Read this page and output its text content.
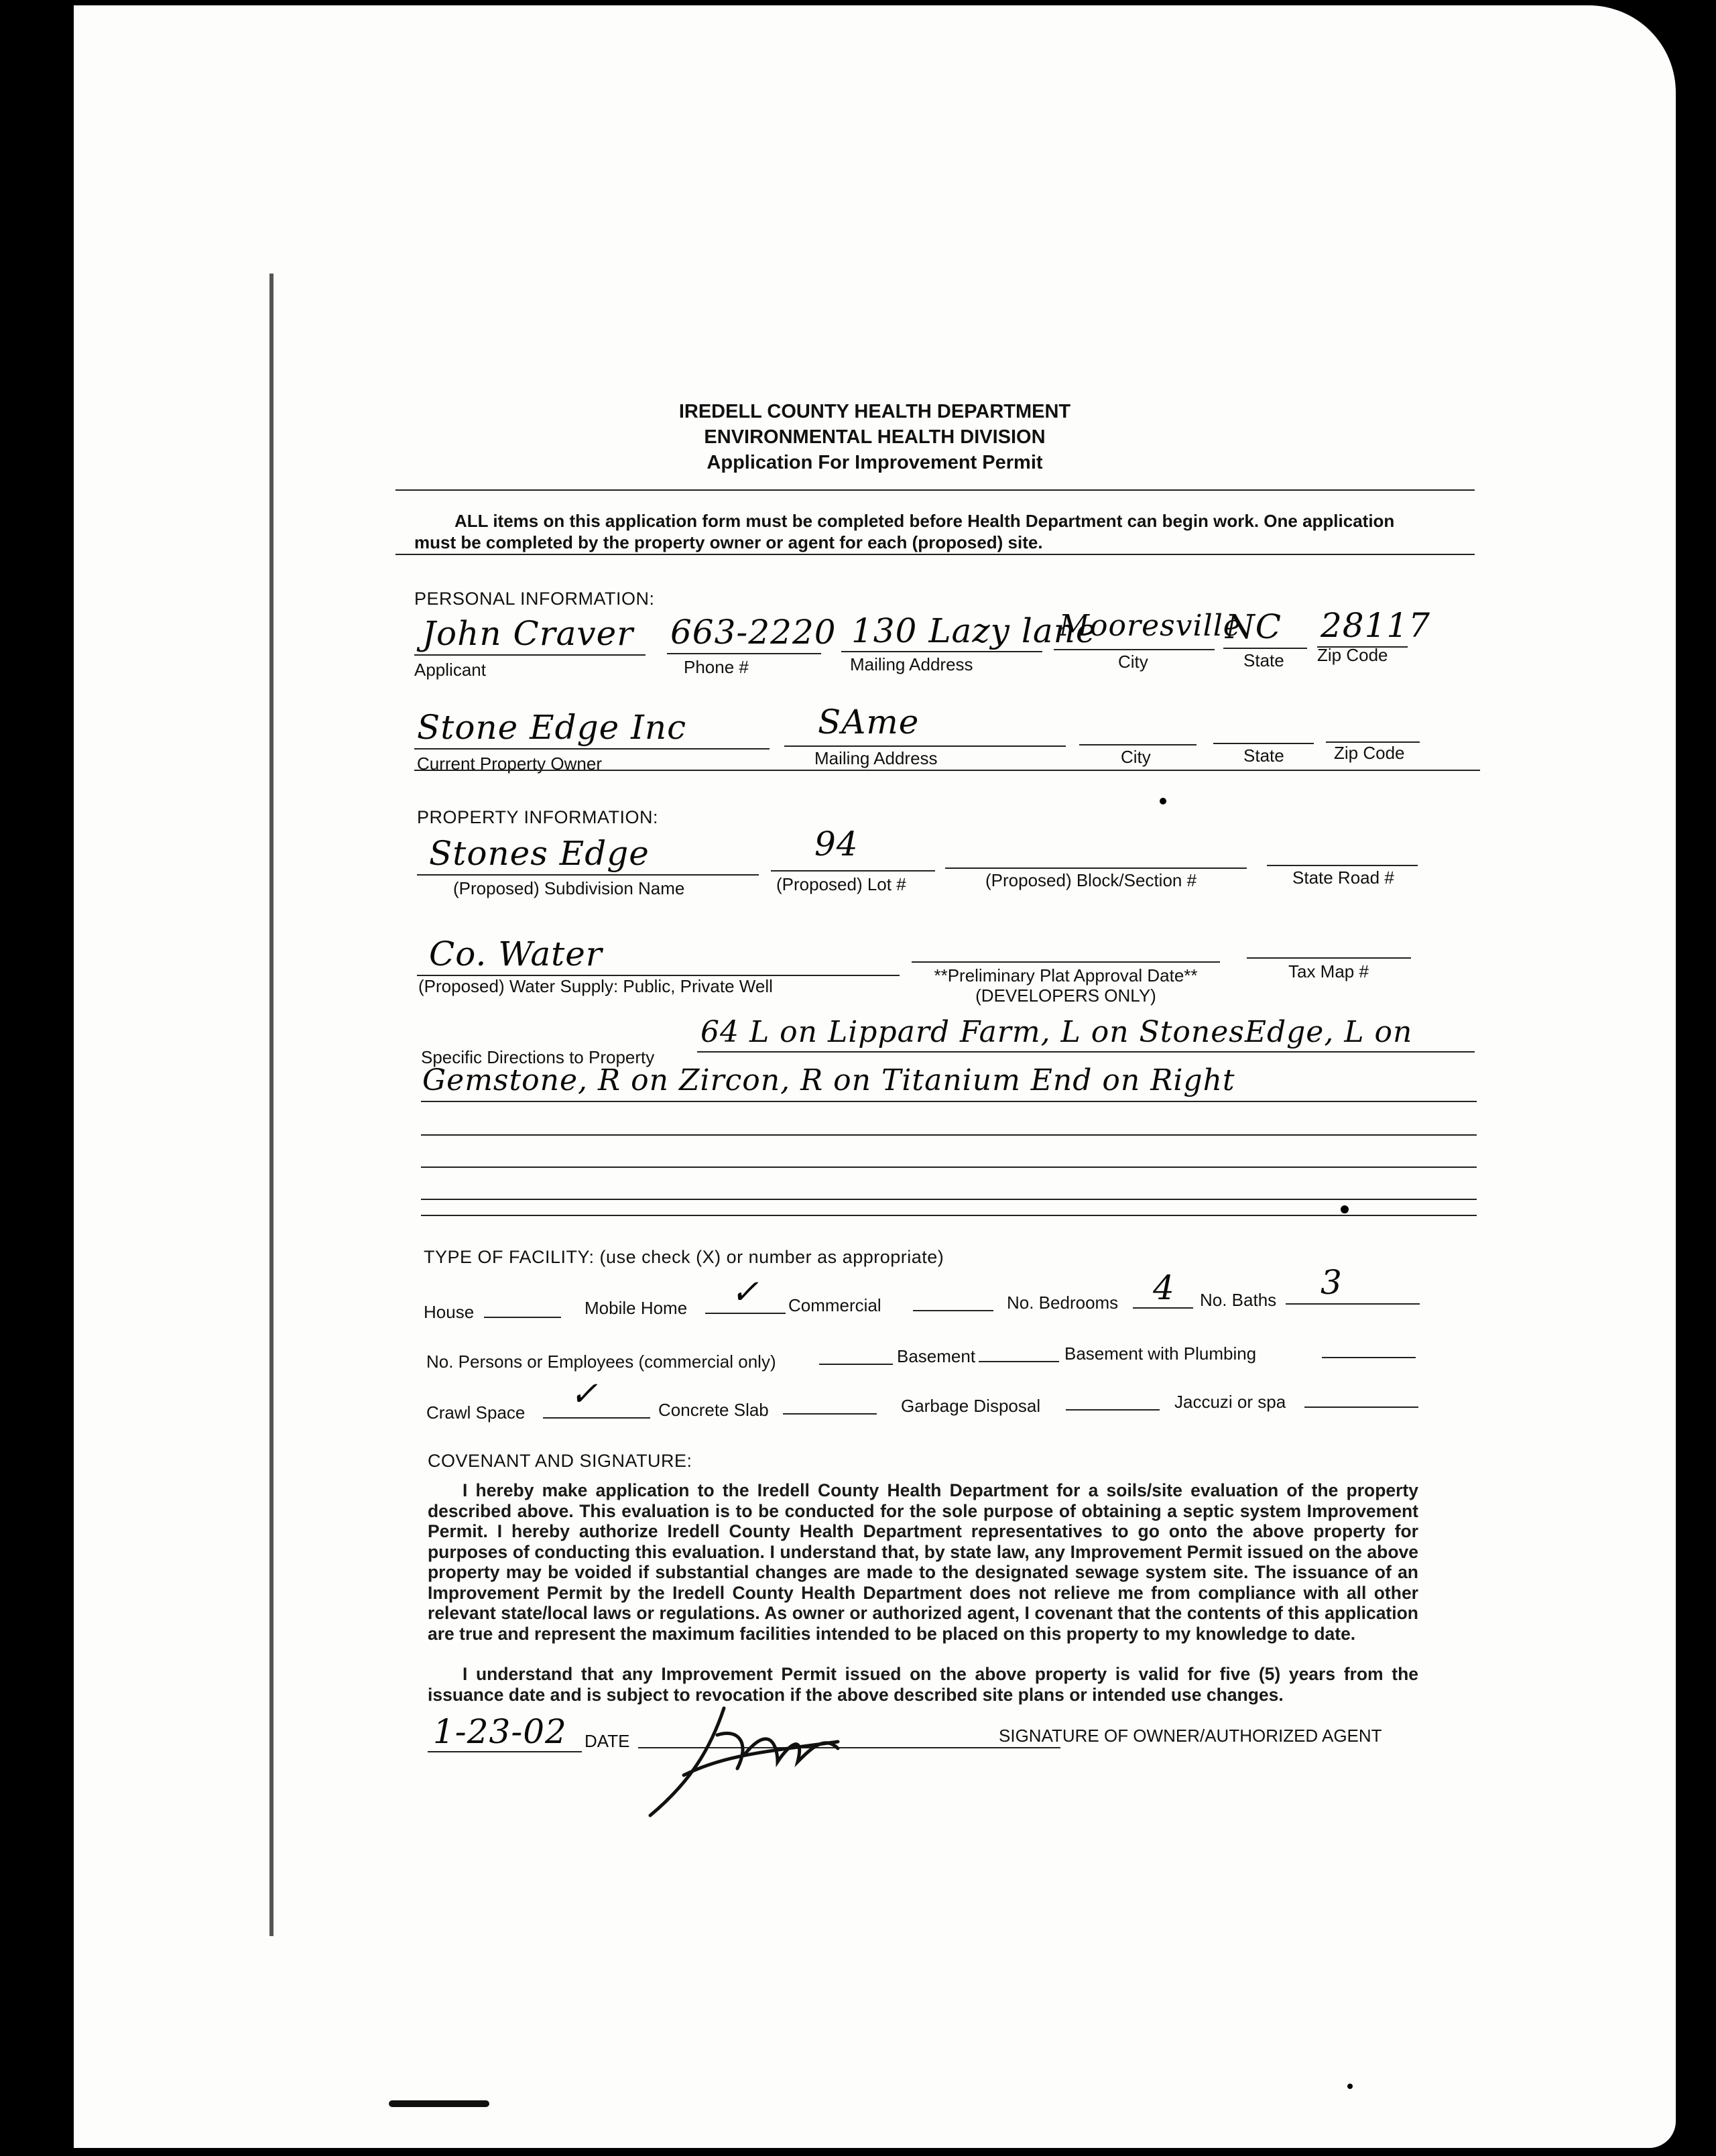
IREDELL COUNTY HEALTH DEPARTMENT
ENVIRONMENTAL HEALTH DIVISION
Application For Improvement Permit
ALL items on this application form must be completed before Health Department can begin work. One application
must be completed by the property owner or agent for each (proposed) site.
PERSONAL INFORMATION:
John Craver
Applicant
663-2220
Phone #
130 Lazy lane
Mailing Address
Mooresville
City
NC
State
28117
Zip Code
Stone Edge Inc
Current Property Owner
SAme
Mailing Address	City	State	Zip Code
PROPERTY INFORMATION:
Stones Edge
(Proposed) Subdivision Name
94
(Proposed) Lot #	(Proposed) Block/Section #	State Road #
Co. Water
(Proposed) Water Supply: Public, Private Well
**Preliminary Plat Approval Date**
(DEVELOPERS ONLY)
Tax Map #
Specific Directions to Property
64 L on Lippard Farm, L on StonesEdge, L on
Gemstone, R on Zircon, R on Titanium End on Right
TYPE OF FACILITY: (use check (X) or number as appropriate)
House	Mobile Home ✓ Commercial	No. Bedrooms 4 No. Baths 3
No. Persons or Employees (commercial only)	Basement	Basement with Plumbing
Crawl Space ✓	Concrete Slab	Garbage Disposal	Jaccuzi or spa
COVENANT AND SIGNATURE:
I hereby make application to the Iredell County Health Department for a soils/site evaluation of the property described above. This evaluation is to be conducted for the sole purpose of obtaining a septic system Improvement Permit. I hereby authorize Iredell County Health Department representatives to go onto the above property for purposes of conducting this evaluation. I understand that, by state law, any Improvement Permit issued on the above property may be voided if substantial changes are made to the designated sewage system site. The issuance of an Improvement Permit by the Iredell County Health Department does not relieve me from compliance with all other relevant state/local laws or regulations. As owner or authorized agent, I covenant that the contents of this application are true and represent the maximum facilities intended to be placed on this property to my knowledge to date.
I understand that any Improvement Permit issued on the above property is valid for five (5) years from the issuance date and is subject to revocation if the above described site plans or intended use changes.
1-23-02 DATE	SIGNATURE OF OWNER/AUTHORIZED AGENT
